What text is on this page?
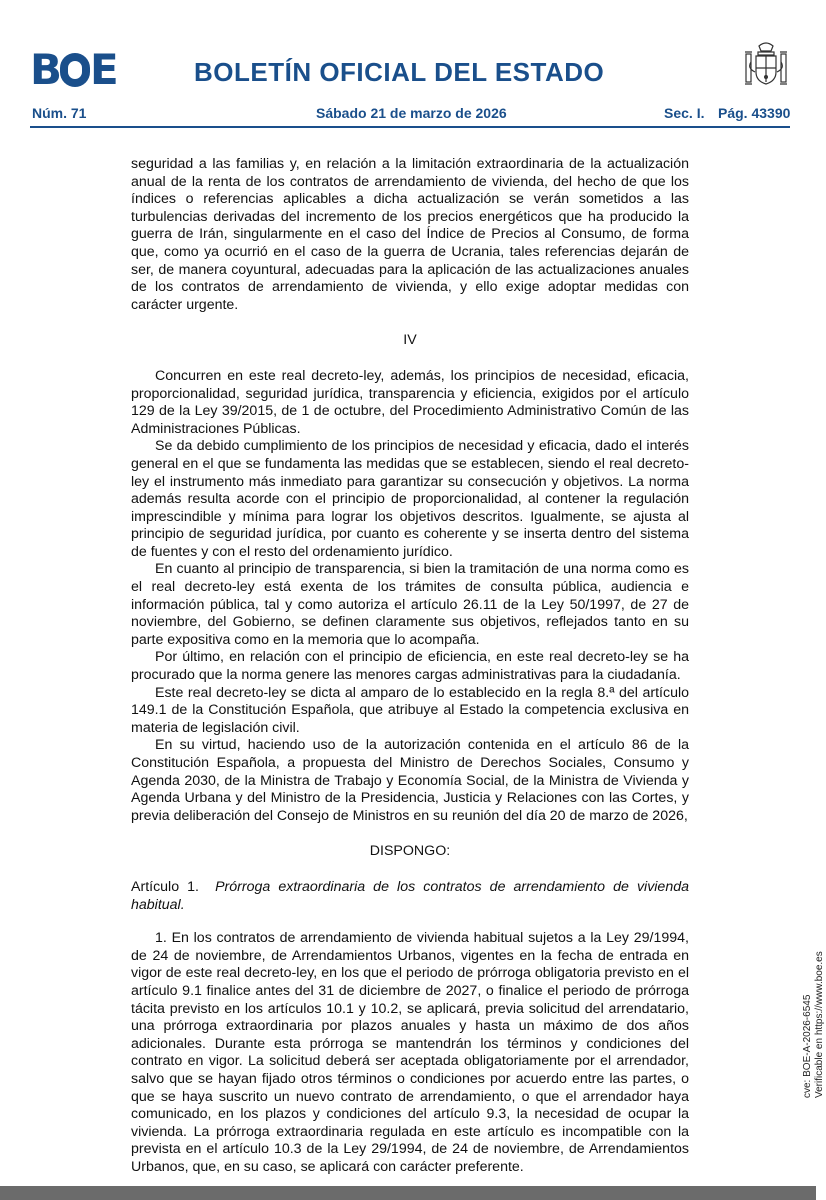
B E	BOLETÍN OFICIAL DEL ESTADO
Núm. 71	Sábado 21 de marzo de 2026	Sec. I. Pág. 43390

seguridad a las familias y, en relación a la limitación extraordinaria de la actualización anual de la renta de los contratos de arrendamiento de vivienda, del hecho de que los índices o referencias aplicables a dicha actualización se verán sometidos a las turbulencias derivadas del incremento de los precios energéticos que ha producido la guerra de Irán, singularmente en el caso del Índice de Precios al Consumo, de forma que, como ya ocurrió en el caso de la guerra de Ucrania, tales referencias dejarán de ser, de manera coyuntural, adecuadas para la aplicación de las actualizaciones anuales de los contratos de arrendamiento de vivienda, y ello exige adoptar medidas con carácter urgente.

IV

Concurren en este real decreto-ley, además, los principios de necesidad, eficacia, proporcionalidad, seguridad jurídica, transparencia y eficiencia, exigidos por el artículo 129 de la Ley 39/2015, de 1 de octubre, del Procedimiento Administrativo Común de las Administraciones Públicas.

Se da debido cumplimiento de los principios de necesidad y eficacia, dado el interés general en el que se fundamenta las medidas que se establecen, siendo el real decreto-ley el instrumento más inmediato para garantizar su consecución y objetivos. La norma además resulta acorde con el principio de proporcionalidad, al contener la regulación imprescindible y mínima para lograr los objetivos descritos. Igualmente, se ajusta al principio de seguridad jurídica, por cuanto es coherente y se inserta dentro del sistema de fuentes y con el resto del ordenamiento jurídico.

En cuanto al principio de transparencia, si bien la tramitación de una norma como es el real decreto-ley está exenta de los trámites de consulta pública, audiencia e información pública, tal y como autoriza el artículo 26.11 de la Ley 50/1997, de 27 de noviembre, del Gobierno, se definen claramente sus objetivos, reflejados tanto en su parte expositiva como en la memoria que lo acompaña.

Por último, en relación con el principio de eficiencia, en este real decreto-ley se ha procurado que la norma genere las menores cargas administrativas para la ciudadanía.

Este real decreto-ley se dicta al amparo de lo establecido en la regla 8.ª del artículo 149.1 de la Constitución Española, que atribuye al Estado la competencia exclusiva en materia de legislación civil.

En su virtud, haciendo uso de la autorización contenida en el artículo 86 de la Constitución Española, a propuesta del Ministro de Derechos Sociales, Consumo y Agenda 2030, de la Ministra de Trabajo y Economía Social, de la Ministra de Vivienda y Agenda Urbana y del Ministro de la Presidencia, Justicia y Relaciones con las Cortes, y previa deliberación del Consejo de Ministros en su reunión del día 20 de marzo de 2026,

DISPONGO:

Artículo 1. Prórroga extraordinaria de los contratos de arrendamiento de vivienda habitual.

1. En los contratos de arrendamiento de vivienda habitual sujetos a la Ley 29/1994, de 24 de noviembre, de Arrendamientos Urbanos, vigentes en la fecha de entrada en vigor de este real decreto-ley, en los que el periodo de prórroga obligatoria previsto en el artículo 9.1 finalice antes del 31 de diciembre de 2027, o finalice el periodo de prórroga tácita previsto en los artículos 10.1 y 10.2, se aplicará, previa solicitud del arrendatario, una prórroga extraordinaria por plazos anuales y hasta un máximo de dos años adicionales. Durante esta prórroga se mantendrán los términos y condiciones del contrato en vigor. La solicitud deberá ser aceptada obligatoriamente por el arrendador, salvo que se hayan fijado otros términos o condiciones por acuerdo entre las partes, o que se haya suscrito un nuevo contrato de arrendamiento, o que el arrendador haya comunicado, en los plazos y condiciones del artículo 9.3, la necesidad de ocupar la vivienda. La prórroga extraordinaria regulada en este artículo es incompatible con la prevista en el artículo 10.3 de la Ley 29/1994, de 24 de noviembre, de Arrendamientos Urbanos, que, en su caso, se aplicará con carácter preferente.

cve: BOE-A-2026-6545 Verificable en https://www.boe.es
